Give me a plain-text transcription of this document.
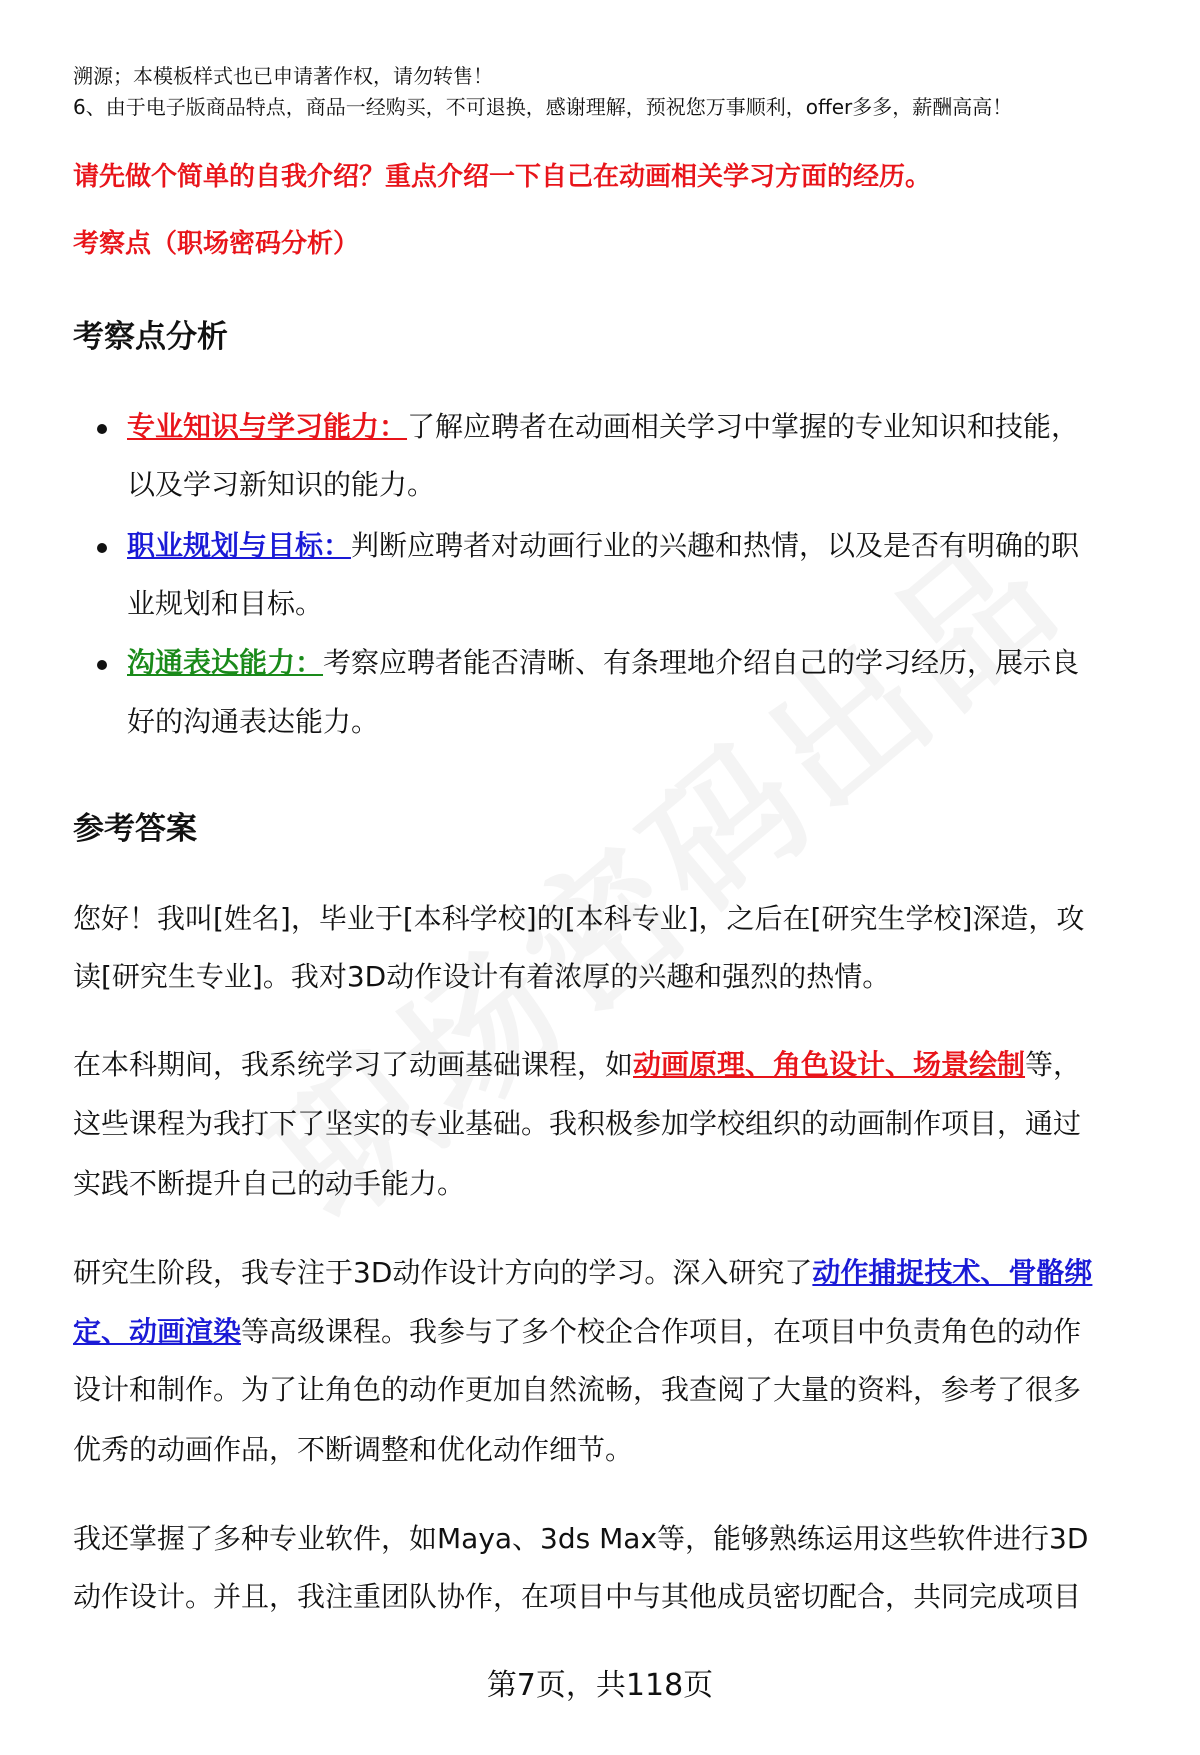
溯源；本模板样式也已申请著作权，请勿转售！
6、由于电子版商品特点，商品一经购买，不可退换，感谢理解，预祝您万事顺利，offer多多，薪酬高高！
请先做个简单的自我介绍？重点介绍一下自己在动画相关学习方面的经历。
考察点（职场密码分析）
考察点分析
专业知识与学习能力：了解应聘者在动画相关学习中掌握的专业知识和技能，
以及学习新知识的能力。
职业规划与目标：判断应聘者对动画行业的兴趣和热情，以及是否有明确的职
业规划和目标。
沟通表达能力：考察应聘者能否清晰、有条理地介绍自己的学习经历，展示良
好的沟通表达能力。
参考答案
您好！我叫[姓名]，毕业于[本科学校]的[本科专业]，之后在[研究生学校]深造，攻
读[研究生专业]。我对3D动作设计有着浓厚的兴趣和强烈的热情。
在本科期间，我系统学习了动画基础课程，如动画原理、角色设计、场景绘制等，
这些课程为我打下了坚实的专业基础。我积极参加学校组织的动画制作项目，通过
实践不断提升自己的动手能力。
研究生阶段，我专注于3D动作设计方向的学习。深入研究了动作捕捉技术、骨骼绑
定、动画渲染等高级课程。我参与了多个校企合作项目，在项目中负责角色的动作
设计和制作。为了让角色的动作更加自然流畅，我查阅了大量的资料，参考了很多
优秀的动画作品，不断调整和优化动作细节。
我还掌握了多种专业软件，如Maya、3ds Max等，能够熟练运用这些软件进行3D
动作设计。并且，我注重团队协作，在项目中与其他成员密切配合，共同完成项目
第7页，共118页
